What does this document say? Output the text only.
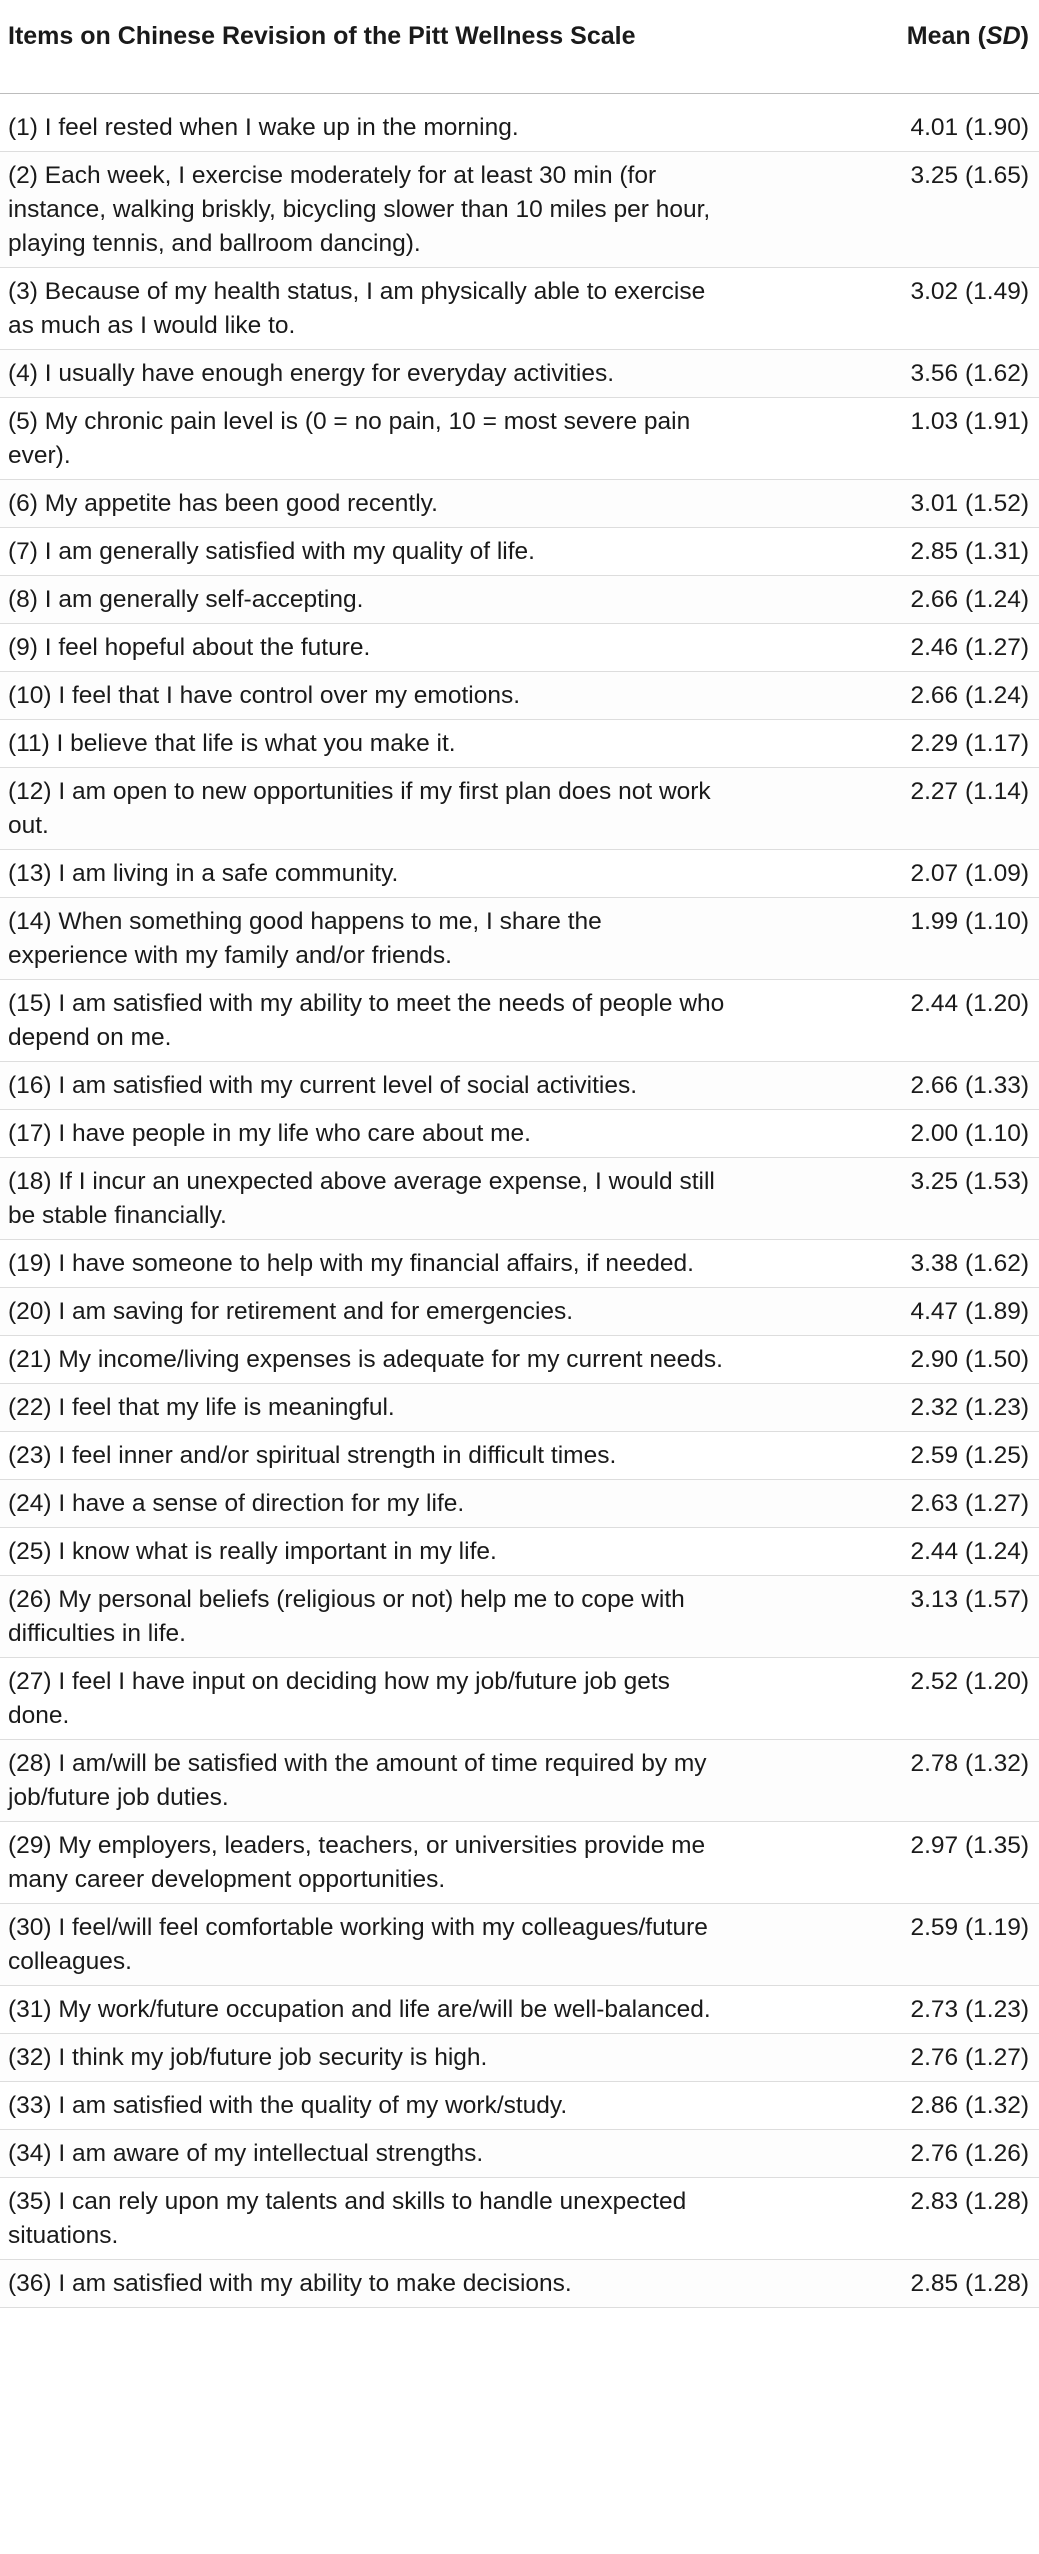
Items on Chinese Revision of the Pitt Wellness Scale	Mean (SD)
(1) I feel rested when I wake up in the morning.	4.01 (1.90)
(2) Each week, I exercise moderately for at least 30 min (for instance, walking briskly, bicycling slower than 10 miles per hour, playing tennis, and ballroom dancing).
3.25 (1.65)
(3) Because of my health status, I am physically able to exercise as much as I would like to.
3.02 (1.49)
(4) I usually have enough energy for everyday activities.	3.56 (1.62)
(5) My chronic pain level is (0 = no pain, 10 = most severe pain ever).
1.03 (1.91)
(6) My appetite has been good recently.	3.01 (1.52)
(7) I am generally satisfied with my quality of life.	2.85 (1.31)
(8) I am generally self-accepting.	2.66 (1.24)
(9) I feel hopeful about the future.	2.46 (1.27)
(10) I feel that I have control over my emotions.	2.66 (1.24)
(11) I believe that life is what you make it.	2.29 (1.17)
(12) I am open to new opportunities if my first plan does not work out.
2.27 (1.14)
(13) I am living in a safe community.	2.07 (1.09)
(14) When something good happens to me, I share the experience with my family and/or friends.
1.99 (1.10)
(15) I am satisfied with my ability to meet the needs of people who depend on me.
2.44 (1.20)
(16) I am satisfied with my current level of social activities.	2.66 (1.33)
(17) I have people in my life who care about me.	2.00 (1.10)
(18) If I incur an unexpected above average expense, I would still be stable financially.
3.25 (1.53)
(19) I have someone to help with my financial affairs, if needed.	3.38 (1.62)
(20) I am saving for retirement and for emergencies.	4.47 (1.89)
(21) My income/living expenses is adequate for my current needs.	2.90 (1.50)
(22) I feel that my life is meaningful.	2.32 (1.23)
(23) I feel inner and/or spiritual strength in difficult times.	2.59 (1.25)
(24) I have a sense of direction for my life.	2.63 (1.27)
(25) I know what is really important in my life.	2.44 (1.24)
(26) My personal beliefs (religious or not) help me to cope with difficulties in life.
3.13 (1.57)
(27) I feel I have input on deciding how my job/future job gets done.
2.52 (1.20)
(28) I am/will be satisfied with the amount of time required by my job/future job duties.
2.78 (1.32)
(29) My employers, leaders, teachers, or universities provide me many career development opportunities.
2.97 (1.35)
(30) I feel/will feel comfortable working with my colleagues/future colleagues.
2.59 (1.19)
(31) My work/future occupation and life are/will be well-balanced.	2.73 (1.23)
(32) I think my job/future job security is high.	2.76 (1.27)
(33) I am satisfied with the quality of my work/study.	2.86 (1.32)
(34) I am aware of my intellectual strengths.	2.76 (1.26)
(35) I can rely upon my talents and skills to handle unexpected situations.
2.83 (1.28)
(36) I am satisfied with my ability to make decisions.	2.85 (1.28)
